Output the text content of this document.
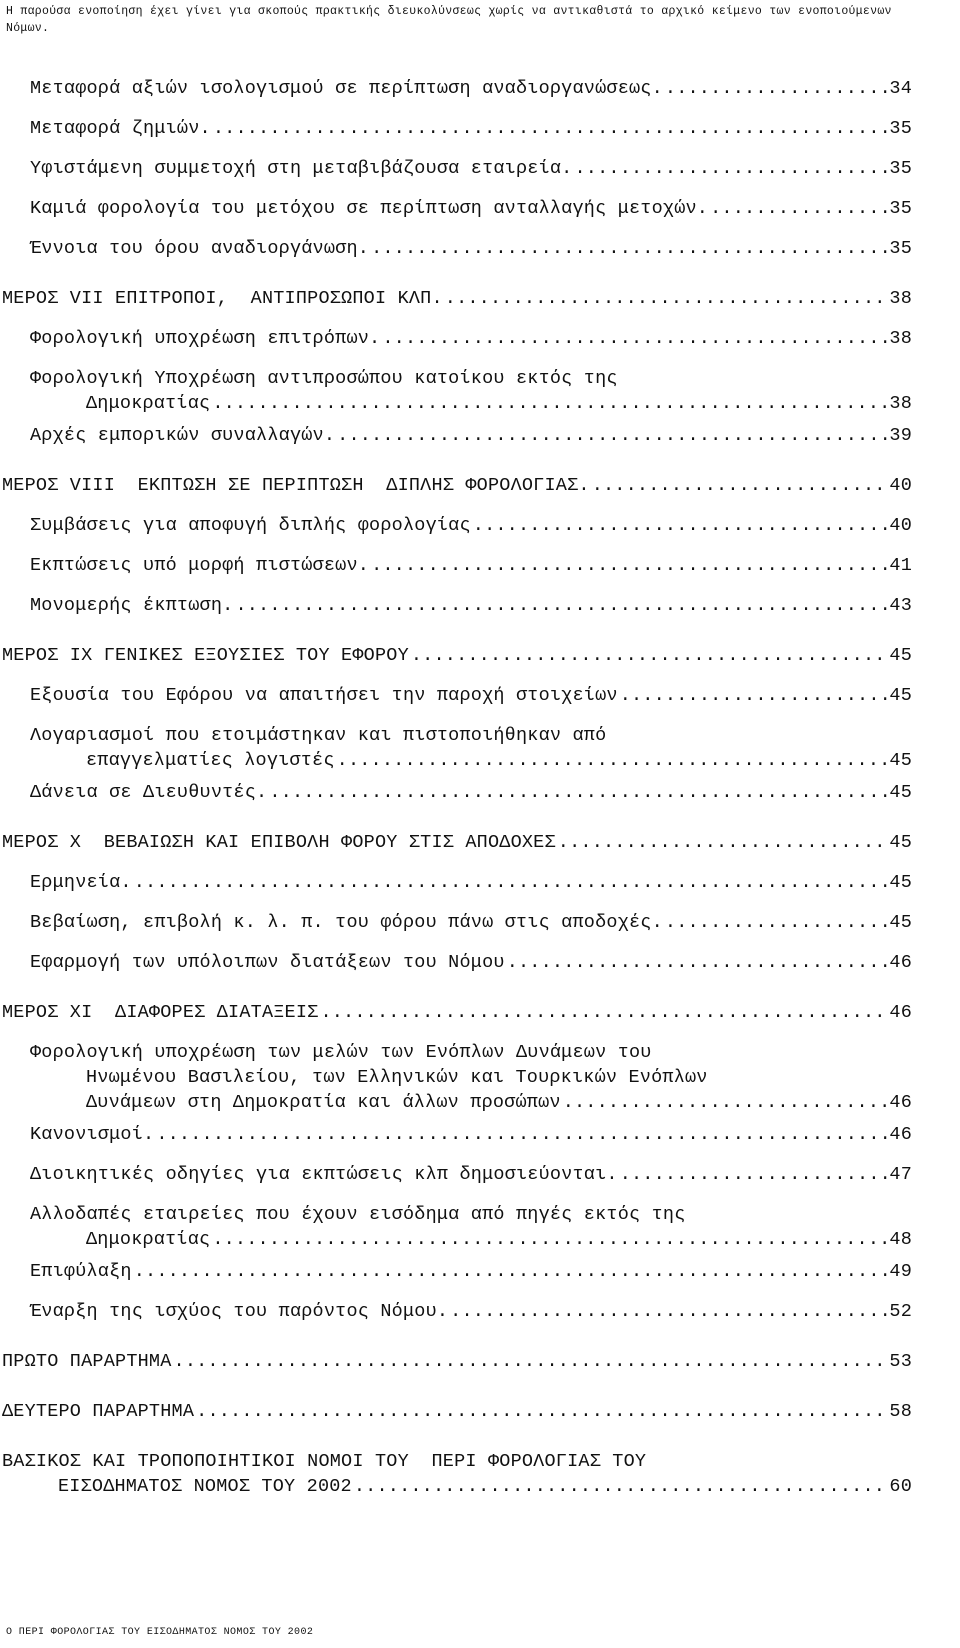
Η παρούσα ενοποίηση έχει γίνει για σκοπούς πρακτικής διευκολύνσεως χωρίς να αντικαθιστά το αρχικό κείμενο των ενοποιούμενων Νόμων.
Μεταφορά αξιών ισολογισμού σε περίπτωση αναδιοργανώσεως. .....	34
Μεταφορά ζημιών. .....	35
Υφιστάμενη συμμετοχή στη μεταβιβάζουσα εταιρεία. .....	35
Καμιά φορολογία του μετόχου σε περίπτωση ανταλλαγής μετοχών. .....	35
Έννοια του όρου αναδιοργάνωση. .....	35
ΜΕΡΟΣ VII ΕΠΙΤΡΟΠΟΙ,  ΑΝΤΙΠΡΟΣΩΠΟΙ ΚΛΠ. .....	38
Φορολογική υποχρέωση επιτρόπων. .....	38
Φορολογική Υποχρέωση αντιπροσώπου κατοίκου εκτός της
Δημοκρατίας .....	38
Αρχές εμπορικών συναλλαγών. .....	39
ΜΕΡΟΣ VIII  ΕΚΠΤΩΣΗ ΣΕ ΠΕΡΙΠΤΩΣΗ  ΔΙΠΛΗΣ ΦΟΡΟΛΟΓΙΑΣ. .....	40
Συμβάσεις για αποφυγή διπλής φορολογίας .....	40
Εκπτώσεις υπό μορφή πιστώσεων. .....	41
Μονομερής έκπτωση. .....	43
ΜΕΡΟΣ IX ΓΕΝΙΚΕΣ ΕΞΟΥΣΙΕΣ ΤΟΥ ΕΦΟΡΟΥ .....	45
Εξουσία του Εφόρου να απαιτήσει την παροχή στοιχείων .....	45
Λογαριασμοί που ετοιμάστηκαν και πιστοποιήθηκαν από
επαγγελματίες λογιστές .....	45
Δάνεια σε Διευθυντές. .....	45
ΜΕΡΟΣ Χ  ΒΕΒΑΙΩΣΗ ΚΑΙ ΕΠΙΒΟΛΗ ΦΟΡΟΥ ΣΤΙΣ ΑΠΟΔΟΧΕΣ .....	45
Ερμηνεία. .....	45
Βεβαίωση, επιβολή κ. λ. π. του φόρου πάνω στις αποδοχές. .....	45
Εφαρμογή των υπόλοιπων διατάξεων του Νόμου .....	46
ΜΕΡΟΣ XI  ΔΙΑΦΟΡΕΣ ΔΙΑΤΑΞΕΙΣ .....	46
Φορολογική υποχρέωση των μελών των Ενόπλων Δυνάμεων του
Ηνωμένου Βασιλείου, των Ελληνικών και Τουρκικών Ενόπλων
Δυνάμεων στη Δημοκρατία και άλλων προσώπων .....	46
Κανονισμοί. .....	46
Διοικητικές οδηγίες για εκπτώσεις κλπ δημοσιεύονται. .....	47
Αλλοδαπές εταιρείες που έχουν εισόδημα από πηγές εκτός της
Δημοκρατίας .....	48
Επιφύλαξη .....	49
Έναρξη της ισχύος του παρόντος Νόμου. .....	52
ΠΡΩΤΟ ΠΑΡΑΡΤΗΜΑ .....	53
ΔΕΥΤΕΡΟ ΠΑΡΑΡΤΗΜΑ .....	58
ΒΑΣΙΚΟΣ ΚΑΙ ΤΡΟΠΟΠΟΙΗΤΙΚΟΙ ΝΟΜΟΙ ΤΟΥ  ΠΕΡΙ ΦΟΡΟΛΟΓΙΑΣ ΤΟΥ
ΕΙΣΟΔΗΜΑΤΟΣ ΝΟΜΟΣ ΤΟΥ 2002 .....	60
Ο ΠΕΡΙ ΦΟΡΟΛΟΓΙΑΣ ΤΟΥ ΕΙΣΟΔΗΜΑΤΟΣ ΝΟΜΟΣ ΤΟΥ 2002
